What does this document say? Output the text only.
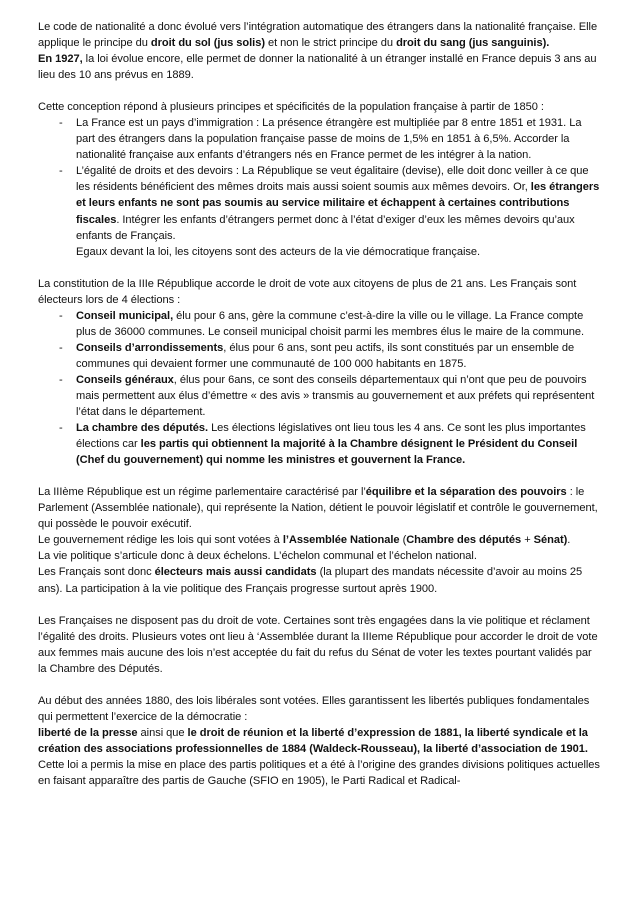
Le code de nationalité a donc évolué vers l’intégration automatique des étrangers dans la nationalité française. Elle applique le principe du droit du sol (jus solis) et non le strict principe du droit du sang (jus sanguinis).

En 1927, la loi évolue encore, elle permet de donner la nationalité à un étranger installé en France depuis 3 ans au lieu des 10 ans prévus en 1889.

Cette conception répond à plusieurs principes et spécificités de la population française à partir de 1850 :

- La France est un pays d’immigration : La présence étrangère est multipliée par 8 entre 1851 et 1931. La part des étrangers dans la population française passe de moins de 1,5% en 1851 à 6,5%. Accorder la nationalité française aux enfants d’étrangers nés en France permet de les intégrer à la nation.
- L’égalité de droits et des devoirs : La République se veut égalitaire (devise), elle doit donc veiller à ce que les résidents bénéficient des mêmes droits mais aussi soient soumis aux mêmes devoirs. Or, les étrangers et leurs enfants ne sont pas soumis au service militaire et échappent à certaines contributions fiscales. Intégrer les enfants d’étrangers permet donc à l’état d’exiger d’eux les mêmes devoirs qu’aux enfants de Français.

Egaux devant la loi, les citoyens sont des acteurs de la vie démocratique française.

La constitution de la IIIe République accorde le droit de vote aux citoyens de plus de 21 ans. Les Français sont électeurs lors de 4 élections :

- Conseil municipal, élu pour 6 ans, gère la commune c’est-à-dire la ville ou le village. La France compte plus de 36000 communes. Le conseil municipal choisit parmi les membres élus le maire de la commune.
- Conseils d’arrondissements, élus pour 6 ans, sont peu actifs, ils sont constitués par un ensemble de communes qui devaient former une communauté de 100 000 habitants en 1875.
- Conseils généraux, élus pour 6ans, ce sont des conseils départementaux qui n’ont que peu de pouvoirs mais permettent aux élus d’émettre « des avis » transmis au gouvernement et aux préfets qui représentent l’état dans le département.
- La chambre des députés. Les élections législatives ont lieu tous les 4 ans. Ce sont les plus importantes élections car les partis qui obtiennent la majorité à la Chambre désignent le Président du Conseil (Chef du gouvernement) qui nomme les ministres et gouvernent la France.

La IIIème République est un régime parlementaire caractérisé par l’équilibre et la séparation des pouvoirs : le Parlement (Assemblée nationale), qui représente la Nation, détient le pouvoir législatif et contrôle le gouvernement, qui possède le pouvoir exécutif.

Le gouvernement rédige les lois qui sont votées à l’Assemblée Nationale (Chambre des députés + Sénat).

La vie politique s’articule donc à deux échelons. L’échelon communal et l’échelon national.

Les Français sont donc électeurs mais aussi candidats (la plupart des mandats nécessite d’avoir au moins 25 ans). La participation à la vie politique des Français progresse surtout après 1900.

Les Françaises ne disposent pas du droit de vote. Certaines sont très engagées dans la vie politique et réclament l’égalité des droits. Plusieurs votes ont lieu à ‘Assemblée durant la IIIeme République pour accorder le droit de vote aux femmes mais aucune des lois n’est acceptée du fait du refus du Sénat de voter les textes pourtant validés par la Chambre des Députés.

Au début des années 1880, des lois libérales sont votées. Elles garantissent les libertés publiques fondamentales qui permettent l’exercice de la démocratie :

liberté de la presse ainsi que le droit de réunion et la liberté d’expression de 1881, la liberté syndicale et la création des associations professionnelles de 1884 (Waldeck-Rousseau), la liberté d’association de 1901. Cette loi a permis la mise en place des partis politiques et a été à l’origine des grandes divisions politiques actuelles en faisant apparaître des partis de Gauche (SFIO en 1905), le Parti Radical et Radical-
